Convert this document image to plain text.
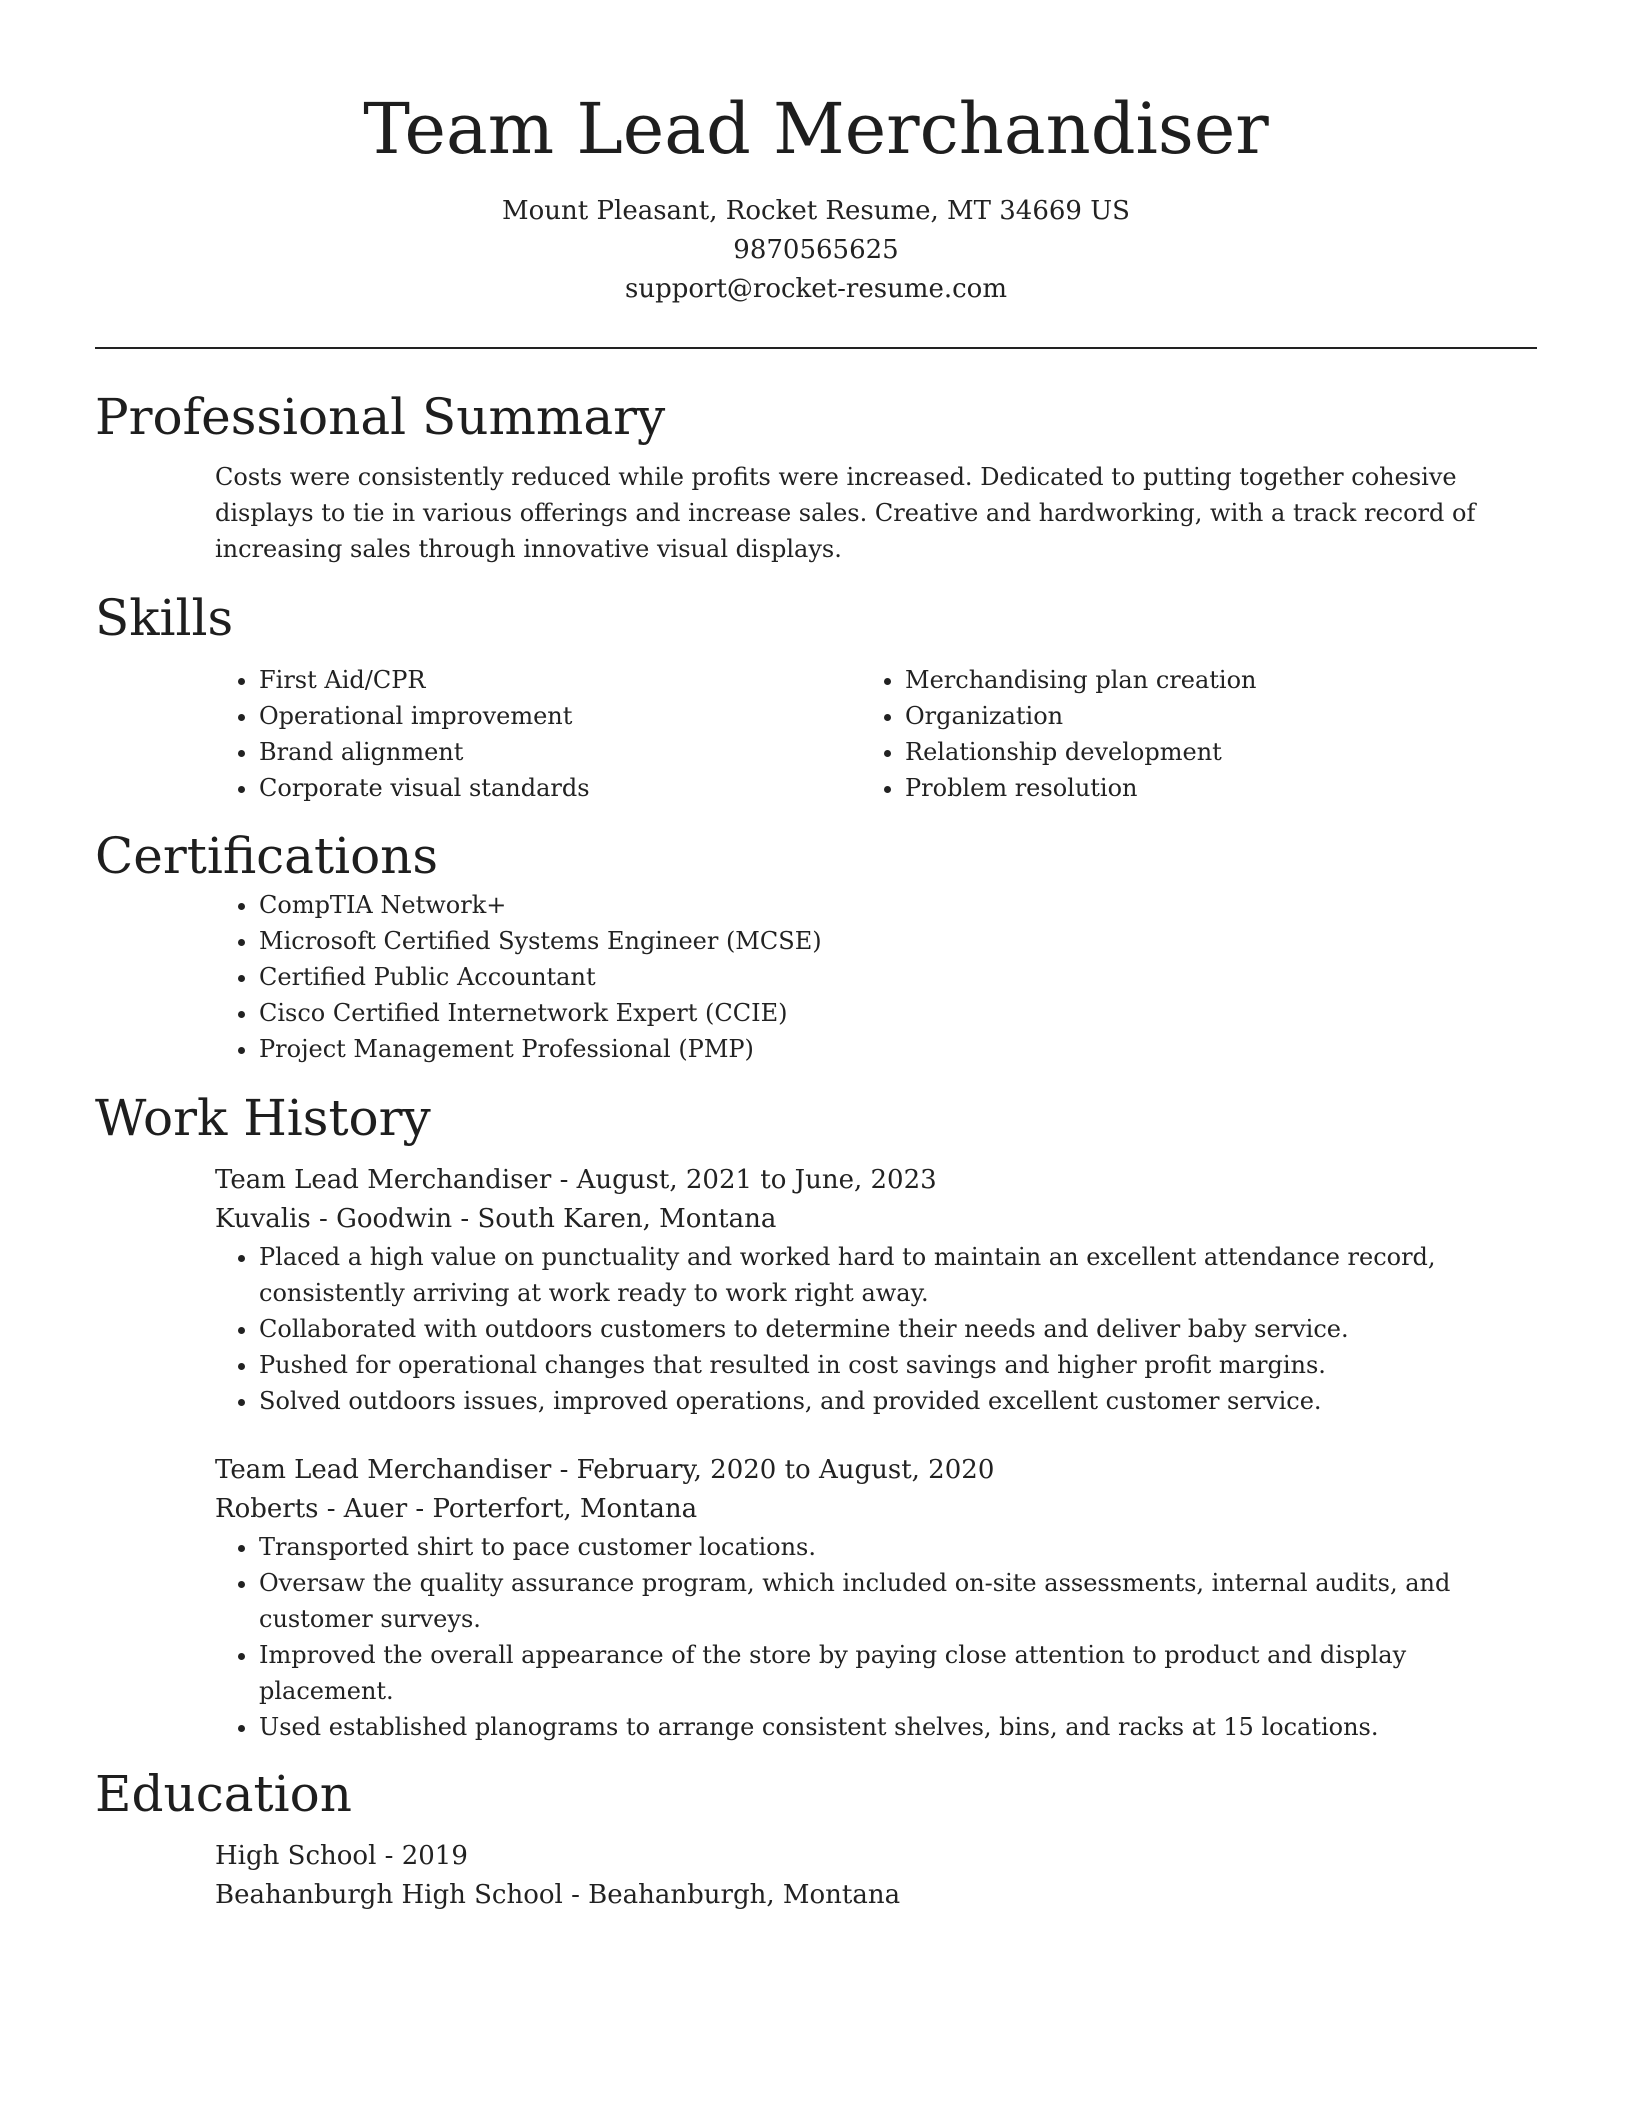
Team Lead Merchandiser
Mount Pleasant, Rocket Resume, MT 34669 US
9870565625
support@rocket-resume.com
Professional Summary
Costs were consistently reduced while profits were increased. Dedicated to putting together cohesive displays to tie in various offerings and increase sales. Creative and hardworking, with a track record of increasing sales through innovative visual displays.
Skills
• First Aid/CPR
• Operational improvement
• Brand alignment
• Corporate visual standards
• Merchandising plan creation
• Organization
• Relationship development
• Problem resolution
Certifications
• CompTIA Network+
• Microsoft Certified Systems Engineer (MCSE)
• Certified Public Accountant
• Cisco Certified Internetwork Expert (CCIE)
• Project Management Professional (PMP)
Work History
Team Lead Merchandiser - August, 2021 to June, 2023
Kuvalis - Goodwin - South Karen, Montana
• Placed a high value on punctuality and worked hard to maintain an excellent attendance record, consistently arriving at work ready to work right away.
• Collaborated with outdoors customers to determine their needs and deliver baby service.
• Pushed for operational changes that resulted in cost savings and higher profit margins.
• Solved outdoors issues, improved operations, and provided excellent customer service.
Team Lead Merchandiser - February, 2020 to August, 2020
Roberts - Auer - Porterfort, Montana
• Transported shirt to pace customer locations.
• Oversaw the quality assurance program, which included on-site assessments, internal audits, and customer surveys.
• Improved the overall appearance of the store by paying close attention to product and display placement.
• Used established planograms to arrange consistent shelves, bins, and racks at 15 locations.
Education
High School - 2019
Beahanburgh High School - Beahanburgh, Montana
